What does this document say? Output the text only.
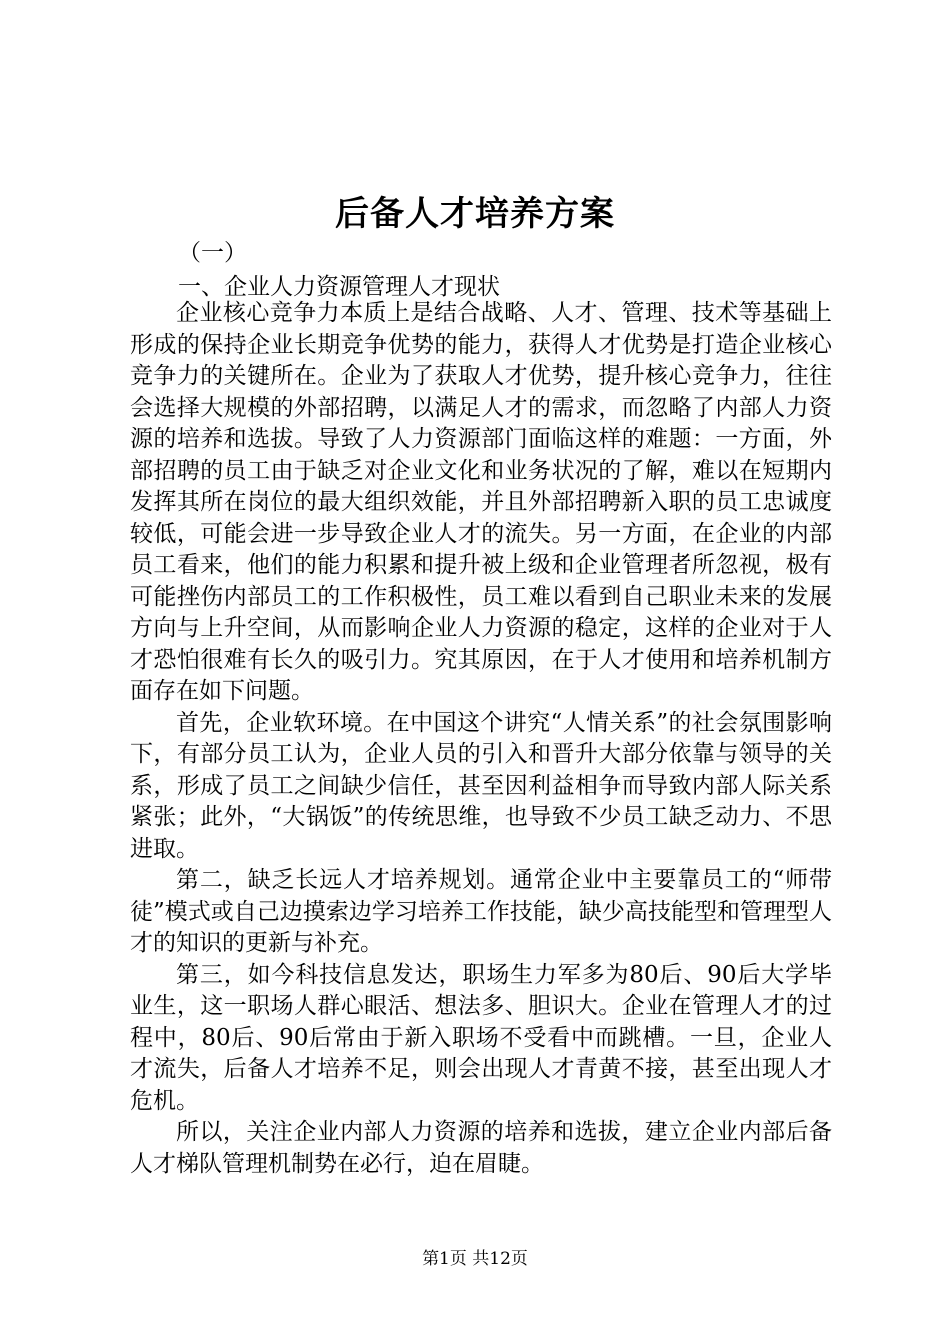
后备人才培养方案
（一）
一、企业人力资源管理人才现状

企业核心竞争力本质上是结合战略、人才、管理、技术等基础上形成的保持企业长期竞争优势的能力，获得人才优势是打造企业核心竞争力的关键所在。企业为了获取人才优势，提升核心竞争力，往往会选择大规模的外部招聘，以满足人才的需求，而忽略了内部人力资源的培养和选拔。导致了人力资源部门面临这样的难题：一方面，外部招聘的员工由于缺乏对企业文化和业务状况的了解，难以在短期内发挥其所在岗位的最大组织效能，并且外部招聘新入职的员工忠诚度较低，可能会进一步导致企业人才的流失。另一方面，在企业的内部员工看来，他们的能力积累和提升被上级和企业管理者所忽视，极有可能挫伤内部员工的工作积极性，员工难以看到自己职业未来的发展方向与上升空间，从而影响企业人力资源的稳定，这样的企业对于人才恐怕很难有长久的吸引力。究其原因，在于人才使用和培养机制方面存在如下问题。

首先，企业软环境。在中国这个讲究“人情关系”的社会氛围影响下，有部分员工认为，企业人员的引入和晋升大部分依靠与领导的关系，形成了员工之间缺少信任，甚至因利益相争而导致内部人际关系紧张；此外，“大锅饭”的传统思维，也导致不少员工缺乏动力、不思进取。

第二，缺乏长远人才培养规划。通常企业中主要靠员工的“师带徒”模式或自己边摸索边学习培养工作技能，缺少高技能型和管理型人才的知识的更新与补充。

第三，如今科技信息发达，职场生力军多为80后、90后大学毕业生，这一职场人群心眼活、想法多、胆识大。企业在管理人才的过程中，80后、90后常由于新入职场不受看中而跳槽。一旦，企业人才流失，后备人才培养不足，则会出现人才青黄不接，甚至出现人才危机。

所以，关注企业内部人力资源的培养和选拔，建立企业内部后备人才梯队管理机制势在必行，迫在眉睫。

第1页 共12页
